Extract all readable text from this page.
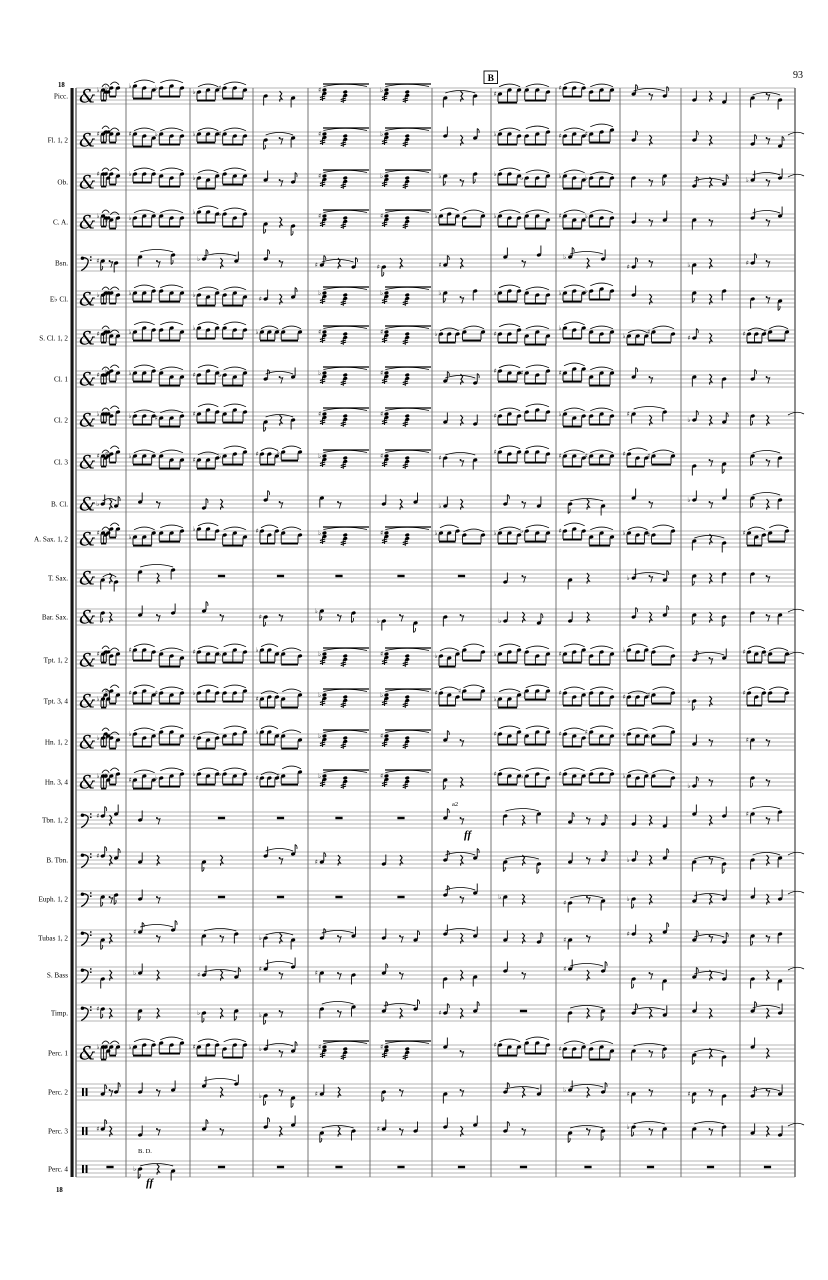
93
18
18
Picc. & ♭ ♭	♭	♭	♭	♯	♯	♭	♯
♯
Fl. 1, 2 & ♯	♯	♭	♭	♯	♯	♭	♭	♯	♯
Ob. & ♯ ♯	♭	♭	♯	♭	♭	♭	♭	♭	♭	♭
C. A. & ♭ ♭	♭
♭	♭	♯	♯	♭	♭	♯	♭
Bsn.	♯	♭
♯	♯	♯
♭
♯	♭	♯
E♭ Cl. & ♭	♭	♭	♯
♭	♭	♭	♭	♭	♭
S. Cl. 1, 2 & ♯	♭	♭	♭	♯	♯	♯	♭	♯
♭
♭	♯
♯	♯	♯
Cl. 1 & ♯ ♭	♭	♯	♭	♭	♯	♯	♯	♯
Cl. 2 & ♭	♭	♯	♯	♯	♯	♯	♭	♯
♭
Cl. 3 & ♯ ♯	♭	♯	♭	♯	♭	♭	♯	♯
♯	♯	♯	♯	♯
B. Cl. & ♭	♭
♭
A. Sax. 1, 2 & ♯	♭
♭	♯	♭	♯	♭	♭	♭	♯	♭	♯	♯
T. Sax. &	♭
Bar. Sax. &	♯
♭
♭	♭
Tpt. 1, 2 & ♯	♯	♯	♭	♭	♯	♭	♯	♭	♭	♯	♭	♯	♭
Tpt. 3, 4 & ♭
♯	♯	♯	♭
♯	♭	♭	♯	♯
♭
♯	♯	♯
♭
♯
Hn. 1, 2 & ♭ ♯	♭	♯
♭	♯	♭	♯	♯	♯	♯	♭	♭	♯
Hn. 3, 4 & ♭ ♭	♯	♭	♭	♭	♯	♯	♭	♯	♯	♭	♯	♭
♭
Tbn. 1, 2
♯	♯
B. Tbn.
♯
♯	♭
Euph. 1, 2	♭
♯	♭
Tubas 1, 2
♯
♭	♯
♯
S. Bass	♭	♯
♯	♯	♯
Timp.
♯	♭	♭	♯
Perc. 1 & ♭ ♯	♭	♯	♭	♯	♯	♯	♯
Perc. 2	♭	♯	♭	♯	♯
Perc. 3	♯	♯	♭
Perc. 4	♭
B
a2
ff
B. D.
ff
